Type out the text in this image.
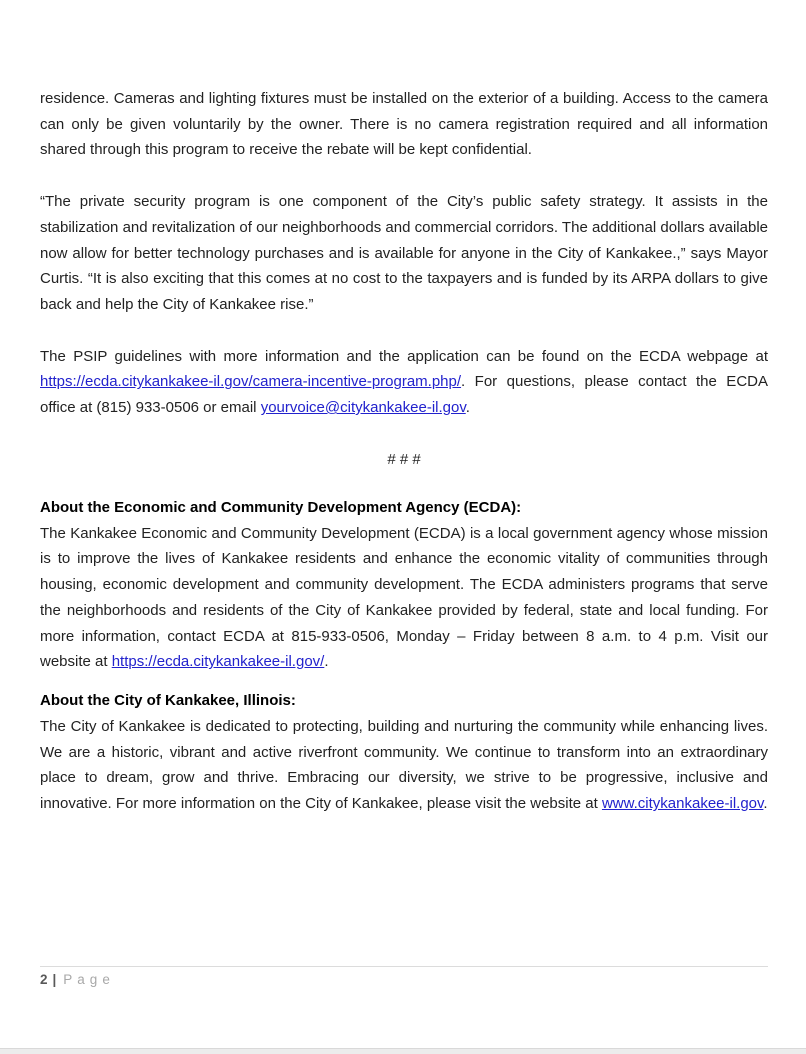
residence. Cameras and lighting fixtures must be installed on the exterior of a building. Access to the camera can only be given voluntarily by the owner. There is no camera registration required and all information shared through this program to receive the rebate will be kept confidential.

“The private security program is one component of the City’s public safety strategy. It assists in the stabilization and revitalization of our neighborhoods and commercial corridors. The additional dollars available now allow for better technology purchases and is available for anyone in the City of Kankakee.,” says Mayor Curtis. “It is also exciting that this comes at no cost to the taxpayers and is funded by its ARPA dollars to give back and help the City of Kankakee rise.”

The PSIP guidelines with more information and the application can be found on the ECDA webpage at https://ecda.citykankakee-il.gov/camera-incentive-program.php/. For questions, please contact the ECDA office at (815) 933-0506 or email yourvoice@citykankakee-il.gov.

# # #
About the Economic and Community Development Agency (ECDA):

The Kankakee Economic and Community Development (ECDA) is a local government agency whose mission is to improve the lives of Kankakee residents and enhance the economic vitality of communities through housing, economic development and community development. The ECDA administers programs that serve the neighborhoods and residents of the City of Kankakee provided by federal, state and local funding. For more information, contact ECDA at 815-933-0506, Monday – Friday between 8 a.m. to 4 p.m. Visit our website at https://ecda.citykankakee-il.gov/.

About the City of Kankakee, Illinois:

The City of Kankakee is dedicated to protecting, building and nurturing the community while enhancing lives. We are a historic, vibrant and active riverfront community. We continue to transform into an extraordinary place to dream, grow and thrive. Embracing our diversity, we strive to be progressive, inclusive and innovative. For more information on the City of Kankakee, please visit the website at www.citykankakee-il.gov.

2 | Page
